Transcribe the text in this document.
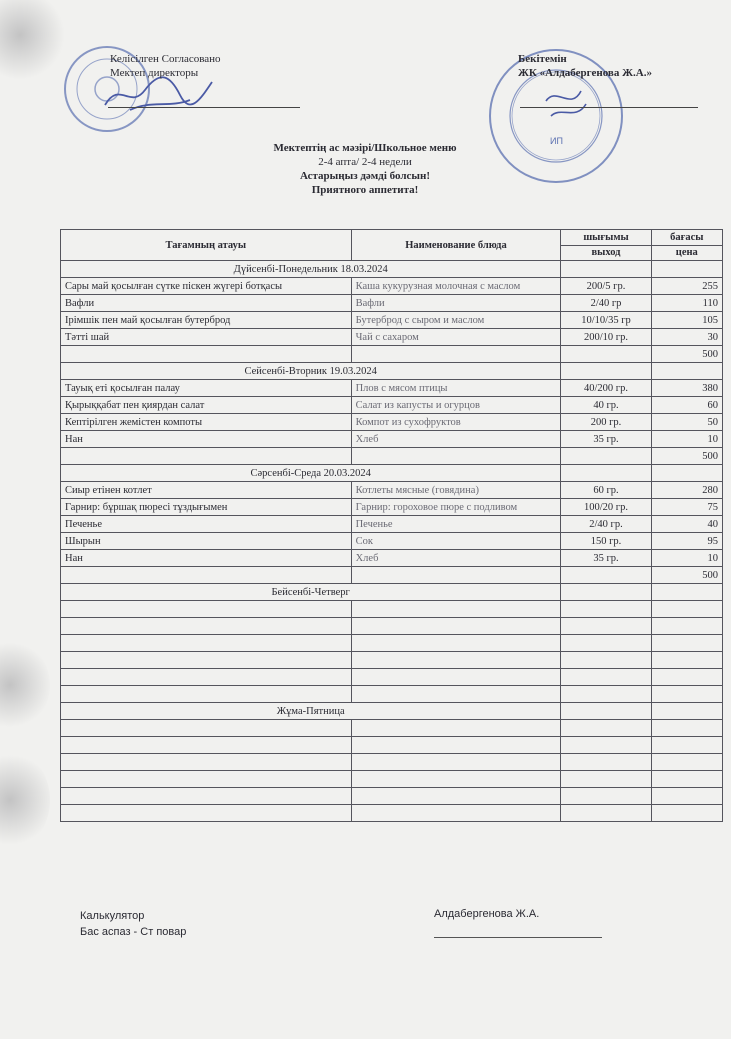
Келісілген Согласовано
Мектеп директоры
ИП
Бекітемін
ЖК «Алдабергенова Ж.А.»
Мектептің ас мәзірі/Школьное меню
2-4 апта/ 2-4 недели
Астарыңыз дәмді болсын!
Приятного аппетита!
Тағамның атауы	Наименование блюда	шығымы	бағасы
		выход	цена
Дүйсенбі-Понедельник 18.03.2024			
Сары май қосылған сүтке піскен жүгері ботқасы	Каша кукурузная молочная с маслом	200/5 гр.	255
Вафли	Вафли	2/40 гр	110
Ірімшік пен май қосылған бутерброд	Бутерброд с сыром и маслом	10/10/35 гр	105
Тәтті шай	Чай с сахаром	200/10 гр.	30
			500
Сейсенбі-Вторник 19.03.2024			
Тауық еті қосылған палау	Плов с мясом птицы	40/200 гр.	380
Қырыққабат пен қиярдан салат	Салат из капусты и огурцов	40 гр.	60
Кептірілген жемістен компоты	Компот из сухофруктов	200 гр.	50
Нан	Хлеб	35 гр.	10
			500
Сәрсенбі-Среда 20.03.2024			
Сиыр етінен котлет	Котлеты мясные (говядина)	60 гр.	280
Гарнир: бұршақ пюресі тұздығымен	Гарнир: гороховое пюре с подливом	100/20 гр.	75
Печенье	Печенье	2/40 гр.	40
Шырын	Сок	150 гр.	95
Нан	Хлеб	35 гр.	10
			500
Бейсенбі-Четверг			

Жұма-Пятница			

Калькулятор
Бас аспаз - Ст повар
Алдабергенова Ж.А.
